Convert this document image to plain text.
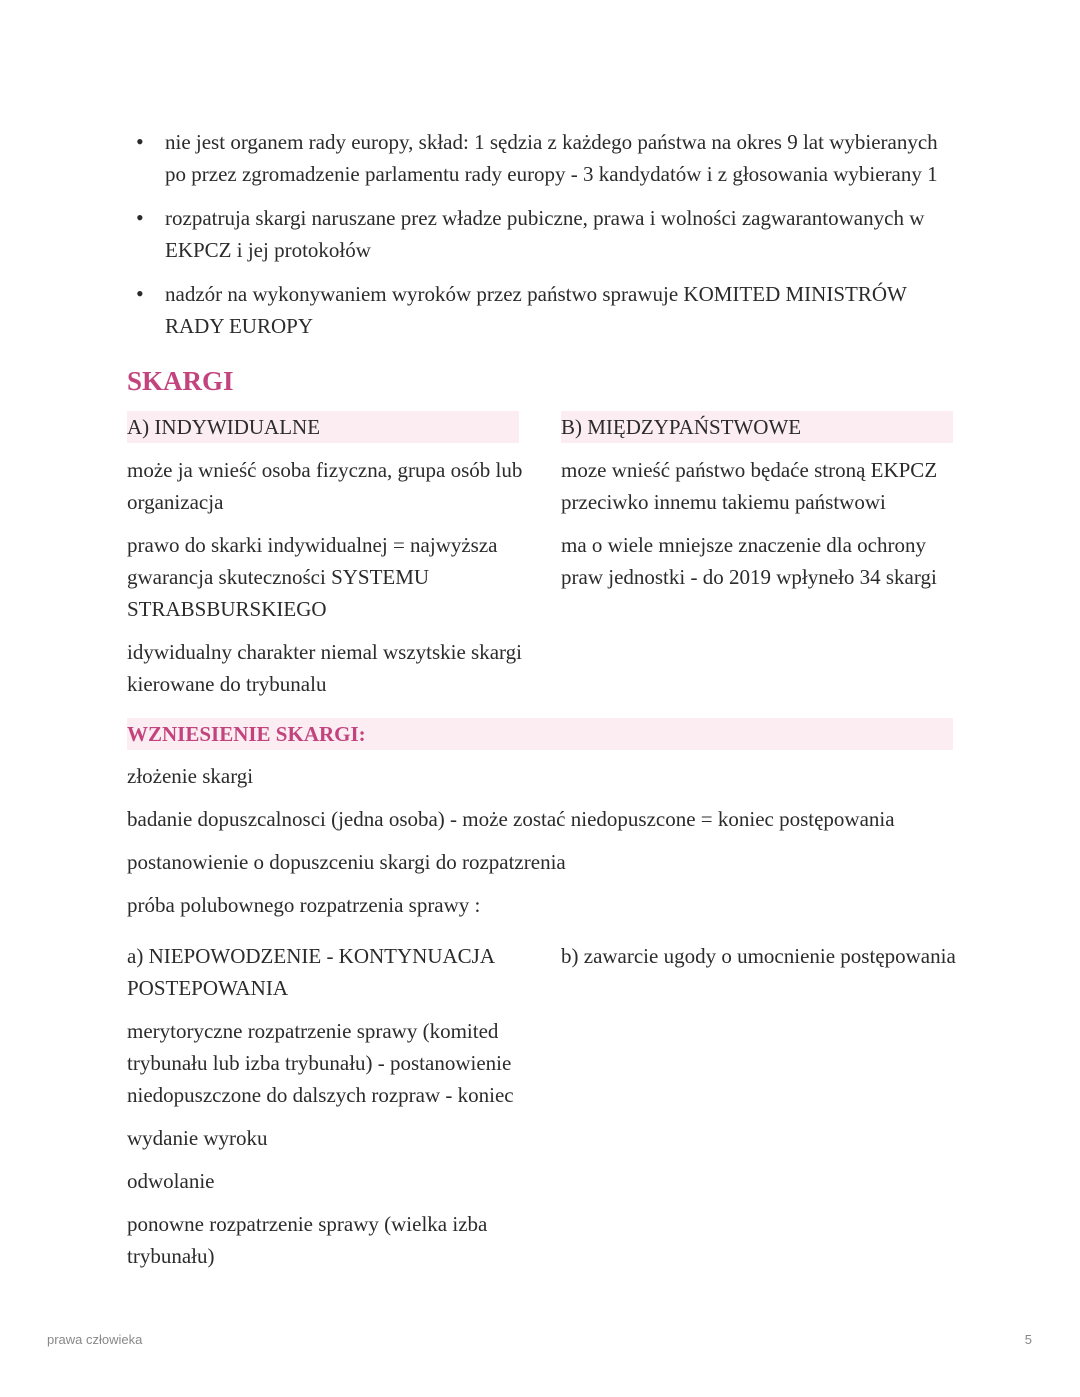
• nie jest organem rady europy, skład: 1 sędzia z każdego państwa na okres 9 lat wybieranych po przez zgromadzenie parlamentu rady europy - 3 kandydatów i z głosowania wybierany 1
• rozpatruja skargi naruszane prez władze pubiczne, prawa i wolności zagwarantowanych w EKPCZ i jej protokołów
• nadzór na wykonywaniem wyroków przez państwo sprawuje KOMITED MINISTRÓW RADY EUROPY
SKARGI
A) INDYWIDUALNE	B) MIĘDZYPAŃSTWOWE

może ja wnieść osoba fizyczna, grupa osób lub organizacja

prawo do skarki indywidualnej = najwyższa gwarancja skuteczności SYSTEMU STRABSBURSKIEGO

idywidualny charakter niemal wszytskie skargi kierowane do trybunalu

moze wnieść państwo będaće stroną EKPCZ przeciwko innemu takiemu państwowi

ma o wiele mniejsze znaczenie dla ochrony praw jednostki - do 2019 wpłyneło 34 skargi

WZNIESIENIE SKARGI:

złożenie skargi

badanie dopuszcalnosci (jedna osoba) - może zostać niedopuszcone = koniec postępowania

postanowienie o dopuszceniu skargi do rozpatzrenia

próba polubownego rozpatrzenia sprawy :

a) NIEPOWODZENIE - KONTYNUACJA POSTEPOWANIA

merytoryczne rozpatrzenie sprawy (komited trybunału lub izba trybunału) - postanowienie niedopuszczone do dalszych rozpraw - koniec

wydanie wyroku

odwolanie

ponowne rozpatrzenie sprawy (wielka izba trybunału)

b) zawarcie ugody o umocnienie postępowania

prawa człowieka	5
